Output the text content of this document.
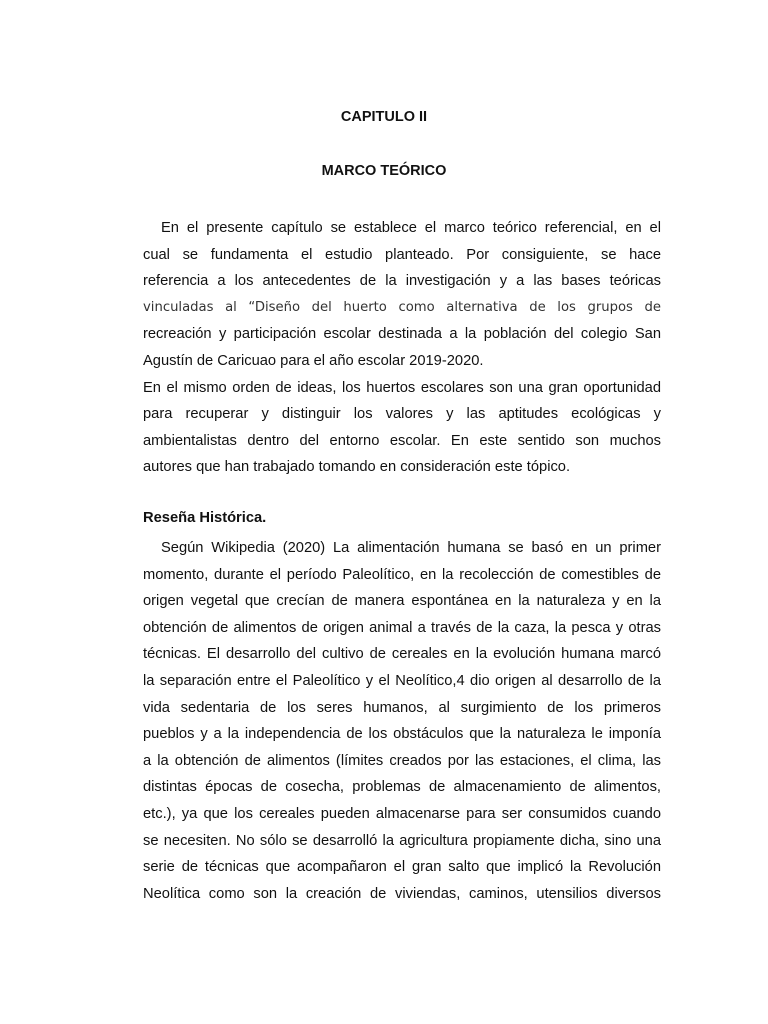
CAPITULO II
MARCO TEÓRICO
En el presente capítulo se establece el marco teórico referencial, en el
cual se fundamenta el estudio planteado. Por consiguiente, se hace
referencia a los antecedentes de la investigación y a las bases teóricas
vinculadas al “Diseño del huerto como alternativa de los grupos de
recreación y participación escolar destinada a la población del colegio San
Agustín de Caricuao para el año escolar 2019-2020.
En el mismo orden de ideas, los huertos escolares son una gran oportunidad
para recuperar y distinguir los valores y las aptitudes ecológicas y
ambientalistas dentro del entorno escolar. En este sentido son muchos
autores que han trabajado tomando en consideración este tópico.
Reseña Histórica.
Según Wikipedia (2020) La alimentación humana se basó en un primer
momento, durante el período Paleolítico, en la recolección de comestibles de
origen vegetal que crecían de manera espontánea en la naturaleza y en la
obtención de alimentos de origen animal a través de la caza, la pesca y otras
técnicas. El desarrollo del cultivo de cereales en la evolución humana marcó
la separación entre el Paleolítico y el Neolítico,4 dio origen al desarrollo de la
vida sedentaria de los seres humanos, al surgimiento de los primeros
pueblos y a la independencia de los obstáculos que la naturaleza le imponía
a la obtención de alimentos (límites creados por las estaciones, el clima, las
distintas épocas de cosecha, problemas de almacenamiento de alimentos,
etc.), ya que los cereales pueden almacenarse para ser consumidos cuando
se necesiten. No sólo se desarrolló la agricultura propiamente dicha, sino una
serie de técnicas que acompañaron el gran salto que implicó la Revolución
Neolítica como son la creación de viviendas, caminos, utensilios diversos
